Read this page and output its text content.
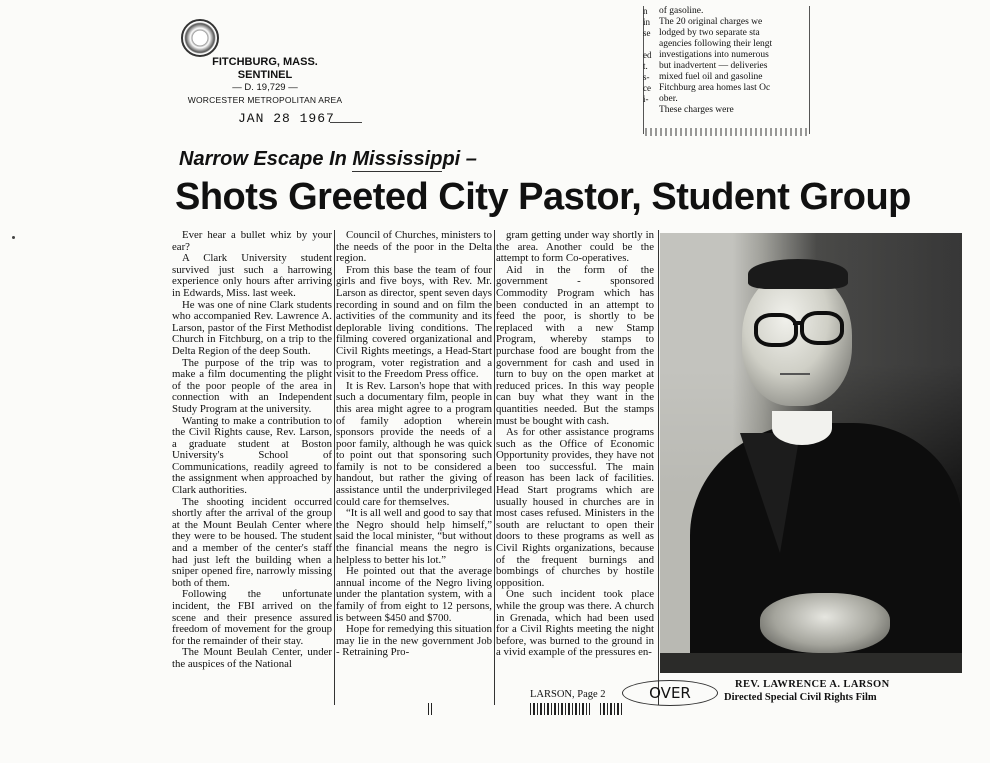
FITCHBURG, MASS.
SENTINEL
— D. 19,729 —
WORCESTER METROPOLITAN AREA
JAN 28 1967
of gasoline.
The 20 original charges we
lodged by two separate sta
agencies following their lengt
investigations into numerous
but inadvertent — deliveries
mixed fuel oil and gasoline
Fitchburg area homes last Oc
ober.
These charges were
n
in
se

ed
t.
s-
ce
i-
Narrow Escape In Mississippi –
Shots Greeted City Pastor, Student Group

Ever hear a bullet whiz by your ear?

A Clark University student survived just such a harrowing experience only hours after arriving in Edwards, Miss. last week.

He was one of nine Clark students who accompanied Rev. Lawrence A. Larson, pastor of the First Methodist Church in Fitchburg, on a trip to the Delta Region of the deep South.

The purpose of the trip was to make a film documenting the plight of the poor people of the area in connection with an Independent Study Program at the university.

Wanting to make a contribution to the Civil Rights cause, Rev. Larson, a graduate student at Boston University's School of Communications, readily agreed to the assignment when approached by Clark authorities.

The shooting incident occurred shortly after the arrival of the group at the Mount Beulah Center where they were to be housed. The student and a member of the center's staff had just left the building when a sniper opened fire, narrowly missing both of them.

Following the unfortunate incident, the FBI arrived on the scene and their presence assured freedom of movement for the group for the remainder of their stay.

The Mount Beulah Center, under the auspices of the National

Council of Churches, ministers to the needs of the poor in the Delta region.

From this base the team of four girls and five boys, with Rev. Mr. Larson as director, spent seven days recording in sound and on film the activities of the community and its deplorable living conditions. The filming covered organizational and Civil Rights meetings, a Head-Start program, voter registration and a visit to the Freedom Press office.

It is Rev. Larson's hope that with such a documentary film, people in this area might agree to a program of family adoption wherein sponsors provide the needs of a poor family, although he was quick to point out that sponsoring such family is not to be considered a handout, but rather the giving of assistance until the underprivileged could care for themselves.

“It is all well and good to say that the Negro should help himself,” said the local minister, “but without the financial means the negro is helpless to better his lot.”

He pointed out that the average annual income of the Negro living under the plantation system, with a family of from eight to 12 persons, is between $450 and $700.

Hope for remedying this situation may lie in the new government Job - Retraining Pro-

gram getting under way shortly in the area. Another could be the attempt to form Co-operatives.

Aid in the form of the government - sponsored Commodity Program which has been conducted in an attempt to feed the poor, is shortly to be replaced with a new Stamp Program, whereby stamps to purchase food are bought from the government for cash and used in turn to buy on the open market at reduced prices. In this way people can buy what they want in the quantities needed. But the stamps must be bought with cash.

As for other assistance programs such as the Office of Economic Opportunity provides, they have not been too successful. The main reason has been lack of facilities. Head Start programs which are usually housed in churches are in most cases refused. Ministers in the south are reluctant to open their doors to these programs as well as Civil Rights organizations, because of the frequent burnings and bombings of churches by hostile opposition.

One such incident took place while the group was there. A church in Grenada, which had been used for a Civil Rights meeting the night before, was burned to the ground in a vivid example of the pressures en-

LARSON, Page 2	OVER	REV. LAWRENCE A. LARSON
Directed Special Civil Rights Film
